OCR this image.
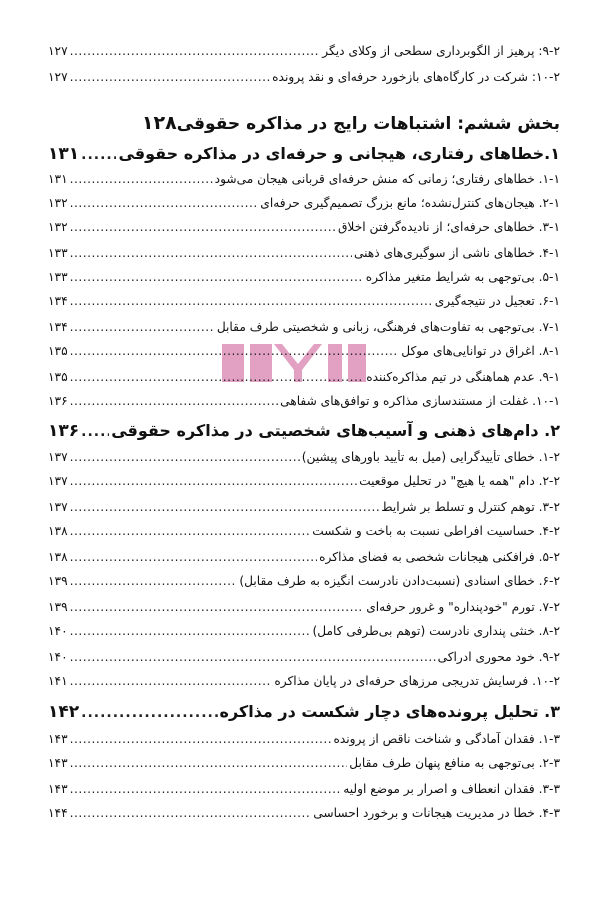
۹-۲: پرهیز از الگوبرداری سطحی از وکلای دیگر
.....
۱۲۷
۱۰-۲: شرکت در کارگاه‌های بازخورد حرفه‌ای و نقد پرونده
.....
۱۲۷
بخش ششم: اشتباهات رایج در مذاکره حقوقی
۱۲۸
۱.خطاهای رفتاری، هیجانی و حرفه‌ای در مذاکره حقوقی
.....
۱۳۱
۱-۱. خطاهای رفتاری؛ زمانی که منش حرفه‌ای قربانی هیجان می‌شود
.....
۱۳۱
۲-۱. هیجان‌های کنترل‌نشده؛ مانع بزرگ تصمیم‌گیری حرفه‌ای
.....
۱۳۲
۳-۱. خطاهای حرفه‌ای؛ از نادیده‌گرفتن اخلاق
.....
۱۳۲
۴-۱. خطاهای ناشی از سوگیری‌های ذهنی
.....
۱۳۳
۵-۱. بی‌توجهی به شرایط متغیر مذاکره
.....
۱۳۳
۶-۱. تعجیل در نتیجه‌گیری
.....
۱۳۴
۷-۱. بی‌توجهی به تفاوت‌های فرهنگی، زبانی و شخصیتی طرف مقابل
.....
۱۳۴
۸-۱. اغراق در توانایی‌های موکل
.....
۱۳۵
۹-۱. عدم هماهنگی در تیم مذاکره‌کننده
.....
۱۳۵
۱۰-۱. غفلت از مستندسازی مذاکره و توافق‌های شفاهی
.....
۱۳۶
۲. دام‌های ذهنی و آسیب‌های شخصیتی در مذاکره حقوقی
.....
۱۳۶
۱-۲. خطای تأییدگرایی (میل به تأیید باورهای پیشین)
.....
۱۳۷
۲-۲. دام "همه یا هیچ" در تحلیل موقعیت
.....
۱۳۷
۳-۲. توهم کنترل و تسلط بر شرایط
.....
۱۳۷
۴-۲. حساسیت افراطی نسبت به باخت و شکست
.....
۱۳۸
۵-۲. فرافکنی هیجانات شخصی به فضای مذاکره
.....
۱۳۸
۶-۲. خطای اسنادی (نسبت‌دادن نادرست انگیزه به طرف مقابل)
.....
۱۳۹
۷-۲. تورم "خودپنداره" و غرور حرفه‌ای
.....
۱۳۹
۸-۲. خنثی پنداری نادرست (توهم بی‌طرفی کامل)
.....
۱۴۰
۹-۲. خود محوری ادراکی
.....
۱۴۰
۱۰-۲. فرسایش تدریجی مرزهای حرفه‌ای در پایان مذاکره
.....
۱۴۱
۳. تحلیل پرونده‌های دچار شکست در مذاکره
.....
۱۴۲
۱-۳. فقدان آمادگی و شناخت ناقص از پرونده
.....
۱۴۳
۲-۳. بی‌توجهی به منافع پنهان طرف مقابل
.....
۱۴۳
۳-۳. فقدان انعطاف و اصرار بر موضع اولیه
.....
۱۴۳
۴-۳. خطا در مدیریت هیجانات و برخورد احساسی
.....
۱۴۴
